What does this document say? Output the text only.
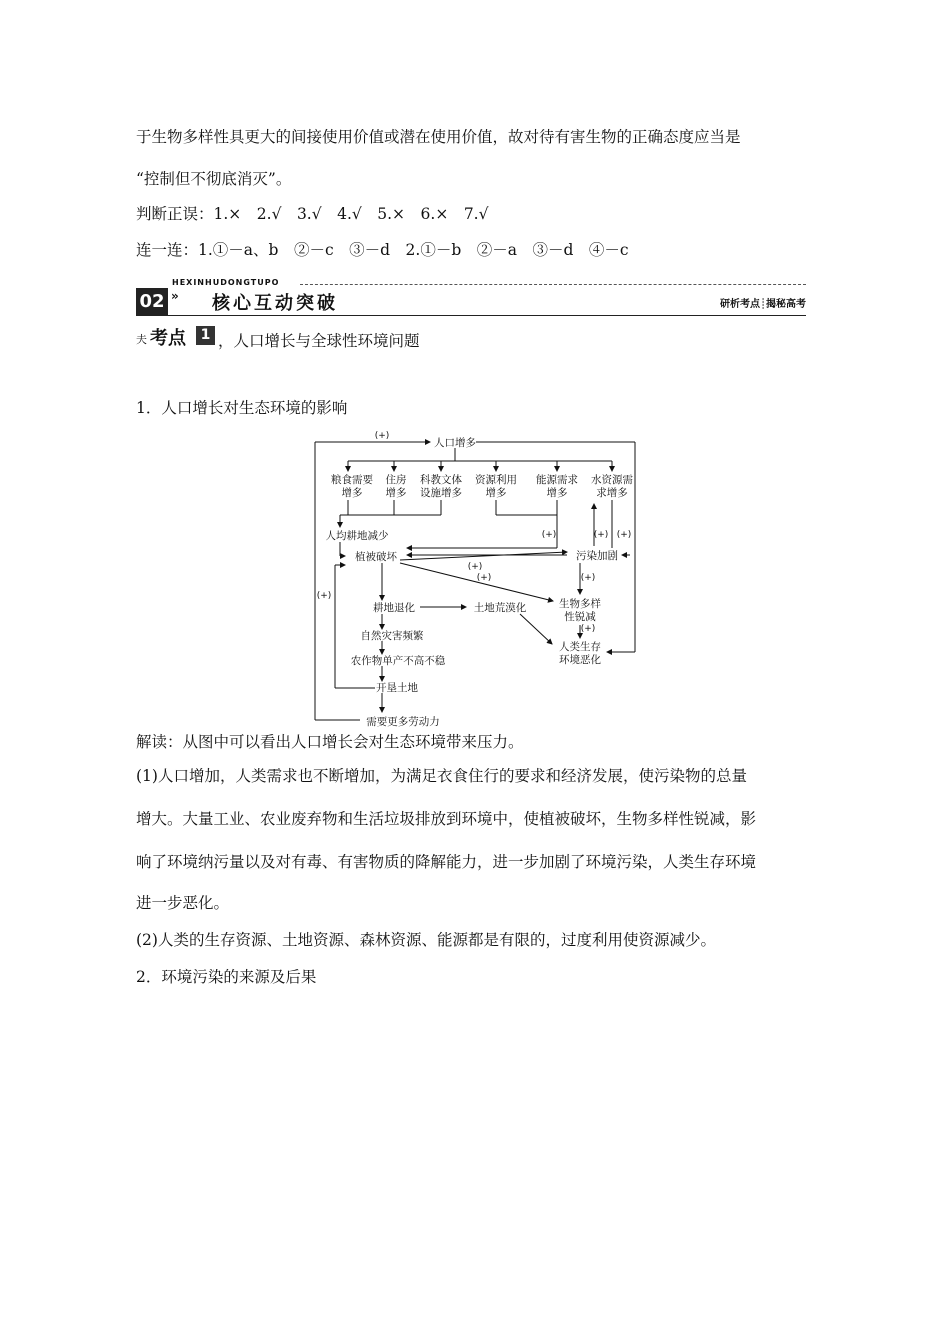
于生物多样性具更大的间接使用价值或潜在使用价值，故对待有害生物的正确态度应当是
“控制但不彻底消灭”。
判断正误：1.×　2.√　3.√　4.√　5.×　6.×　7.√
连一连：1.①－a、b　②－c　③－d　2.①－b　②－a　③－d　④－c
HEXINHUDONGTUPO
02 » 核心互动突破	研析考点┊揭秘高考
夫 考点	1 ，人口增长与全球性环境问题
1．人口增长对生态环境的影响
人口增多
粮食需要
增多
住房
增多
科教文体
设施增多
资源利用
增多
能源需求
增多
水资源需
求增多
人均耕地减少
植被破坏	污染加剧
耕地退化	土地荒漠化	生物多样
性锐减
人类生存
环境恶化
自然灾害频繁
农作物单产不高不稳
开垦土地
需要更多劳动力
(+)
(+)	(+) (+)
(+)
(+)	(+)
(+)
(+)
解读：从图中可以看出人口增长会对生态环境带来压力。
(1)人口增加，人类需求也不断增加，为满足衣食住行的要求和经济发展，使污染物的总量
增大。大量工业、农业废弃物和生活垃圾排放到环境中，使植被破坏，生物多样性锐减，影
响了环境纳污量以及对有毒、有害物质的降解能力，进一步加剧了环境污染，人类生存环境
进一步恶化。
(2)人类的生存资源、土地资源、森林资源、能源都是有限的，过度利用使资源减少。
2．环境污染的来源及后果
